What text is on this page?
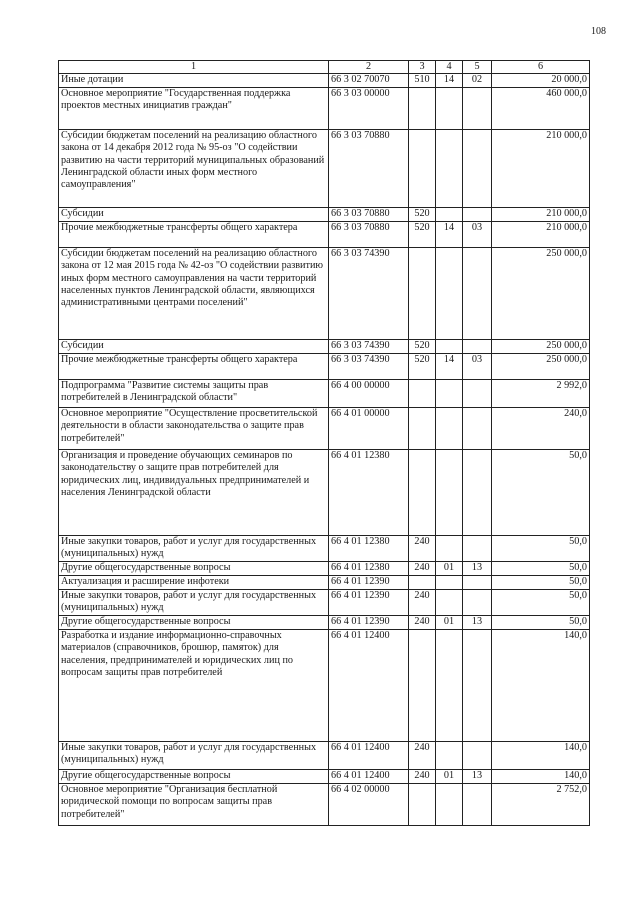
108
1	2	3	4	5	6
Иные дотации	66 3 02 70070	510	14	02	20 000,0
Основное мероприятие "Государственная поддержка проектов местных инициатив граждан"	66 3 03 00000				460 000,0
Субсидии бюджетам поселений на реализацию областного закона от 14 декабря 2012 года № 95-оз "О содействии развитию на части территорий муниципальных образований Ленинградской области иных форм местного самоуправления"	66 3 03 70880				210 000,0
Субсидии	66 3 03 70880	520			210 000,0
Прочие межбюджетные трансферты общего характера	66 3 03 70880	520	14	03	210 000,0
Субсидии бюджетам поселений на реализацию областного закона от 12 мая 2015 года № 42-оз "О содействии развитию иных форм местного самоуправления на части территорий населенных пунктов Ленинградской области, являющихся административными центрами поселений"	66 3 03 74390				250 000,0
Субсидии	66 3 03 74390	520			250 000,0
Прочие межбюджетные трансферты общего характера	66 3 03 74390	520	14	03	250 000,0
Подпрограмма "Развитие системы защиты прав потребителей в Ленинградской области"	66 4 00 00000				2 992,0
Основное мероприятие "Осуществление просветительской деятельности в области законодательства о защите прав потребителей"	66 4 01 00000				240,0
Организация и проведение обучающих семинаров по законодательству о защите прав потребителей для юридических лиц, индивидуальных предпринимателей и населения Ленинградской области	66 4 01 12380				50,0
Иные закупки товаров, работ и услуг для государственных (муниципальных) нужд	66 4 01 12380	240			50,0
Другие общегосударственные вопросы	66 4 01 12380	240	01	13	50,0
Актуализация и расширение инфотеки	66 4 01 12390				50,0
Иные закупки товаров, работ и услуг для государственных (муниципальных) нужд	66 4 01 12390	240			50,0
Другие общегосударственные вопросы	66 4 01 12390	240	01	13	50,0
Разработка и издание информационно-справочных материалов (справочников, брошюр, памяток) для населения, предпринимателей и юридических лиц по вопросам защиты прав потребителей	66 4 01 12400				140,0
Иные закупки товаров, работ и услуг для государственных (муниципальных) нужд	66 4 01 12400	240			140,0
Другие общегосударственные вопросы	66 4 01 12400	240	01	13	140,0
Основное мероприятие "Организация бесплатной юридической помощи по вопросам защиты прав потребителей"	66 4 02 00000				2 752,0
